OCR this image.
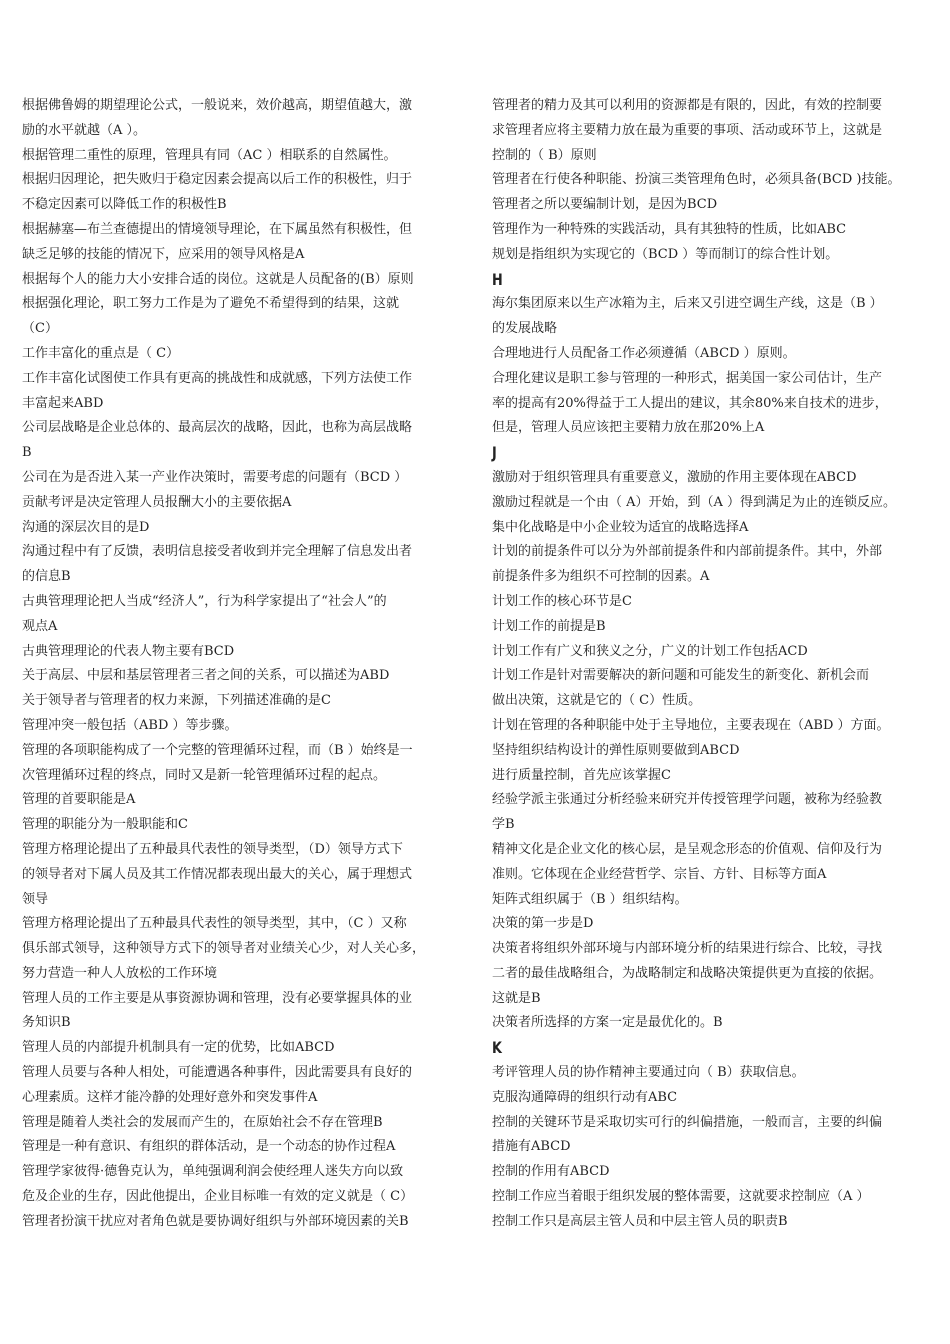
根据佛鲁姆的期望理论公式，一般说来，效价越高，期望值越大，激
励的水平就越（A ）。
根据管理二重性的原理，管理具有同（AC ）相联系的自然属性。
根据归因理论，把失败归于稳定因素会提高以后工作的积极性，归于
不稳定因素可以降低工作的积极性B
根据赫塞—布兰查德提出的情境领导理论，在下属虽然有积极性，但
缺乏足够的技能的情况下，应采用的领导风格是A
根据每个人的能力大小安排合适的岗位。这就是人员配备的(B）原则
根据强化理论，职工努力工作是为了避免不希望得到的结果，这就
（C）
工作丰富化的重点是（ C）
工作丰富化试图使工作具有更高的挑战性和成就感，下列方法使工作
丰富起来ABD
公司层战略是企业总体的、最高层次的战略，因此，也称为高层战略
B
公司在为是否进入某一产业作决策时，需要考虑的问题有（BCD ）
贡献考评是决定管理人员报酬大小的主要依据A
沟通的深层次目的是D
沟通过程中有了反馈，表明信息接受者收到并完全理解了信息发出者
的信息B
古典管理理论把人当成“经济人”，行为科学家提出了“社会人”的
观点A
古典管理理论的代表人物主要有BCD
关于高层、中层和基层管理者三者之间的关系，可以描述为ABD
关于领导者与管理者的权力来源，下列描述准确的是C
管理冲突一般包括（ABD ）等步骤。
管理的各项职能构成了一个完整的管理循环过程，而（B ）始终是一
次管理循环过程的终点，同时又是新一轮管理循环过程的起点。
管理的首要职能是A
管理的职能分为一般职能和C
管理方格理论提出了五种最具代表性的领导类型，（D）领导方式下
的领导者对下属人员及其工作情况都表现出最大的关心，属于理想式
领导
管理方格理论提出了五种最具代表性的领导类型，其中，（C ）又称
俱乐部式领导，这种领导方式下的领导者对业绩关心少，对人关心多，
努力营造一种人人放松的工作环境
管理人员的工作主要是从事资源协调和管理，没有必要掌握具体的业
务知识B
管理人员的内部提升机制具有一定的优势，比如ABCD
管理人员要与各种人相处，可能遭遇各种事件，因此需要具有良好的
心理素质。这样才能冷静的处理好意外和突发事件A
管理是随着人类社会的发展而产生的，在原始社会不存在管理B
管理是一种有意识、有组织的群体活动，是一个动态的协作过程A
管理学家彼得·德鲁克认为，单纯强调利润会使经理人迷失方向以致
危及企业的生存，因此他提出，企业目标唯一有效的定义就是（ C）
管理者扮演干扰应对者角色就是要协调好组织与外部环境因素的关B
管理者的精力及其可以利用的资源都是有限的，因此，有效的控制要
求管理者应将主要精力放在最为重要的事项、活动或环节上，这就是
控制的（ B）原则
管理者在行使各种职能、扮演三类管理角色时，必须具备(BCD )技能。
管理者之所以要编制计划，是因为BCD
管理作为一种特殊的实践活动，具有其独特的性质，比如ABC
规划是指组织为实现它的（BCD ）等而制订的综合性计划。
H
海尔集团原来以生产冰箱为主，后来又引进空调生产线，这是（B ）
的发展战略
合理地进行人员配备工作必须遵循（ABCD ）原则。
合理化建议是职工参与管理的一种形式，据美国一家公司估计，生产
率的提高有20%得益于工人提出的建议，其余80%来自技术的进步，
但是，管理人员应该把主要精力放在那20%上A
J
激励对于组织管理具有重要意义，激励的作用主要体现在ABCD
激励过程就是一个由（ A）开始，到（A ）得到满足为止的连锁反应。
集中化战略是中小企业较为适宜的战略选择A
计划的前提条件可以分为外部前提条件和内部前提条件。其中，外部
前提条件多为组织不可控制的因素。A
计划工作的核心环节是C
计划工作的前提是B
计划工作有广义和狭义之分，广义的计划工作包括ACD
计划工作是针对需要解决的新问题和可能发生的新变化、新机会而
做出决策，这就是它的（ C）性质。
计划在管理的各种职能中处于主导地位，主要表现在（ABD ）方面。
坚持组织结构设计的弹性原则要做到ABCD
进行质量控制，首先应该掌握C
经验学派主张通过分析经验来研究并传授管理学问题，被称为经验教
学B
精神文化是企业文化的核心层，是呈观念形态的价值观、信仰及行为
准则。它体现在企业经营哲学、宗旨、方针、目标等方面A
矩阵式组织属于（B ）组织结构。
决策的第一步是D
决策者将组织外部环境与内部环境分析的结果进行综合、比较，寻找
二者的最佳战略组合，为战略制定和战略决策提供更为直接的依据。
这就是B
决策者所选择的方案一定是最优化的。B
K
考评管理人员的协作精神主要通过向（ B）获取信息。
克服沟通障碍的组织行动有ABC
控制的关键环节是采取切实可行的纠偏措施，一般而言，主要的纠偏
措施有ABCD
控制的作用有ABCD
控制工作应当着眼于组织发展的整体需要，这就要求控制应（A ）
控制工作只是高层主管人员和中层主管人员的职责B
